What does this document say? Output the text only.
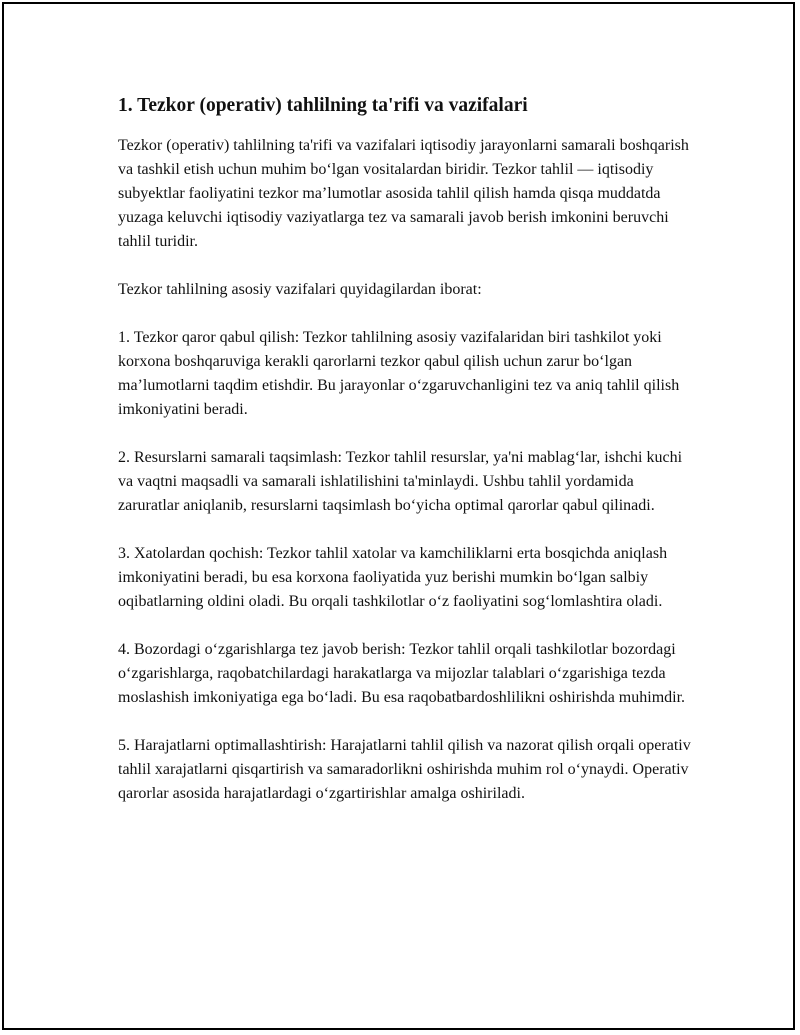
1. Tezkor (operativ) tahlilning ta'rifi va vazifalari

Tezkor (operativ) tahlilning ta'rifi va vazifalari iqtisodiy jarayonlarni samarali boshqarish va tashkil etish uchun muhim bo‘lgan vositalardan biridir. Tezkor tahlil — iqtisodiy subyektlar faoliyatini tezkor ma’lumotlar asosida tahlil qilish hamda qisqa muddatda yuzaga keluvchi iqtisodiy vaziyatlarga tez va samarali javob berish imkonini beruvchi tahlil turidir.

Tezkor tahlilning asosiy vazifalari quyidagilardan iborat:

1. Tezkor qaror qabul qilish: Tezkor tahlilning asosiy vazifalaridan biri tashkilot yoki korxona boshqaruviga kerakli qarorlarni tezkor qabul qilish uchun zarur bo‘lgan ma’lumotlarni taqdim etishdir. Bu jarayonlar o‘zgaruvchanligini tez va aniq tahlil qilish imkoniyatini beradi.

2. Resurslarni samarali taqsimlash: Tezkor tahlil resurslar, ya'ni mablag‘lar, ishchi kuchi va vaqtni maqsadli va samarali ishlatilishini ta'minlaydi. Ushbu tahlil yordamida zaruratlar aniqlanib, resurslarni taqsimlash bo‘yicha optimal qarorlar qabul qilinadi.

3. Xatolardan qochish: Tezkor tahlil xatolar va kamchiliklarni erta bosqichda aniqlash imkoniyatini beradi, bu esa korxona faoliyatida yuz berishi mumkin bo‘lgan salbiy oqibatlarning oldini oladi. Bu orqali tashkilotlar o‘z faoliyatini sog‘lomlashtira oladi.

4. Bozordagi o‘zgarishlarga tez javob berish: Tezkor tahlil orqali tashkilotlar bozordagi o‘zgarishlarga, raqobatchilardagi harakatlarga va mijozlar talablari o‘zgarishiga tezda moslashish imkoniyatiga ega bo‘ladi. Bu esa raqobatbardoshlilikni oshirishda muhimdir.

5. Harajatlarni optimallashtirish: Harajatlarni tahlil qilish va nazorat qilish orqali operativ tahlil xarajatlarni qisqartirish va samaradorlikni oshirishda muhim rol o‘ynaydi. Operativ qarorlar asosida harajatlardagi o‘zgartirishlar amalga oshiriladi.
